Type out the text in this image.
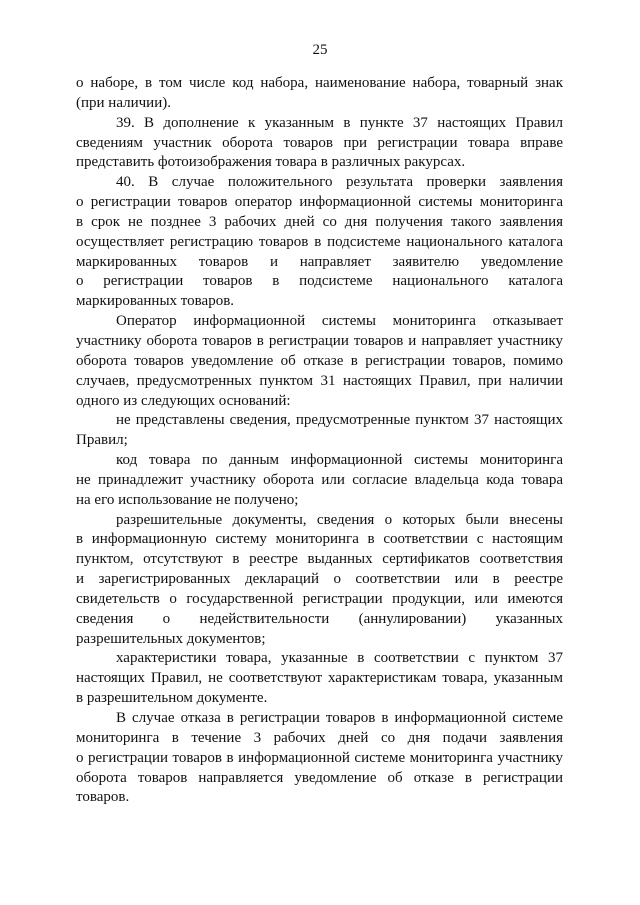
25
о наборе, в том числе код набора, наименование набора, товарный знак
(при наличии).
39. В дополнение к указанным в пункте 37 настоящих Правил
сведениям участник оборота товаров при регистрации товара вправе
представить фотоизображения товара в различных ракурсах.
40. В случае положительного результата проверки заявления
о регистрации товаров оператор информационной системы мониторинга
в срок не позднее 3 рабочих дней со дня получения такого заявления
осуществляет регистрацию товаров в подсистеме национального каталога
маркированных товаров и направляет заявителю уведомление
о регистрации товаров в подсистеме национального каталога
маркированных товаров.
Оператор информационной системы мониторинга отказывает
участнику оборота товаров в регистрации товаров и направляет участнику
оборота товаров уведомление об отказе в регистрации товаров, помимо
случаев, предусмотренных пунктом 31 настоящих Правил, при наличии
одного из следующих оснований:
не представлены сведения, предусмотренные пунктом 37 настоящих
Правил;
код товара по данным информационной системы мониторинга
не принадлежит участнику оборота или согласие владельца кода товара
на его использование не получено;
разрешительные документы, сведения о которых были внесены
в информационную систему мониторинга в соответствии с настоящим
пунктом, отсутствуют в реестре выданных сертификатов соответствия
и зарегистрированных деклараций о соответствии или в реестре
свидетельств о государственной регистрации продукции, или имеются
сведения о недействительности (аннулировании) указанных
разрешительных документов;
характеристики товара, указанные в соответствии с пунктом 37
настоящих Правил, не соответствуют характеристикам товара, указанным
в разрешительном документе.
В случае отказа в регистрации товаров в информационной системе
мониторинга в течение 3 рабочих дней со дня подачи заявления
о регистрации товаров в информационной системе мониторинга участнику
оборота товаров направляется уведомление об отказе в регистрации
товаров.
